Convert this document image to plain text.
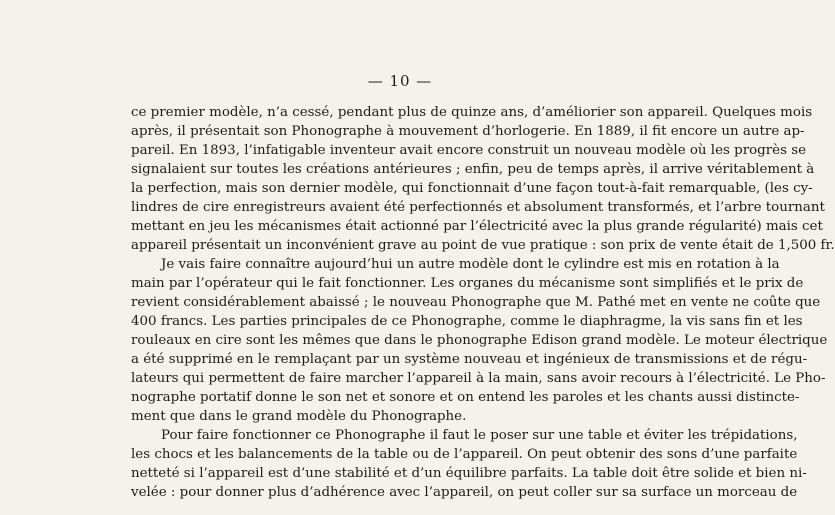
— 10 —
ce premier modèle, n’a cessé, pendant plus de quinze ans, d’améliorier son appareil. Quelques mois
après, il présentait son Phonographe à mouvement d’horlogerie. En 1889, il fit encore un autre ap-
pareil. En 1893, l’infatigable inventeur avait encore construit un nouveau modèle où les progrès se
signalaient sur toutes les créations antérieures ; enfin, peu de temps après, il arrive véritablement à
la perfection, mais son dernier modèle, qui fonctionnait d’une façon tout-à-fait remarquable, (les cy-
lindres de cire enregistreurs avaient été perfectionnés et absolument transformés, et l’arbre tournant
mettant en jeu les mécanismes était actionné par l’électricité avec la plus grande régularité) mais cet
appareil présentait un inconvénient grave au point de vue pratique : son prix de vente était de 1,500 fr.
Je vais faire connaître aujourd’hui un autre modèle dont le cylindre est mis en rotation à la
main par l’opérateur qui le fait fonctionner. Les organes du mécanisme sont simplifiés et le prix de
revient considérablement abaissé ; le nouveau Phonographe que M. Pathé met en vente ne coûte que
400 francs. Les parties principales de ce Phonographe, comme le diaphragme, la vis sans fin et les
rouleaux en cire sont les mêmes que dans le phonographe Edison grand modèle. Le moteur électrique
a été supprimé en le remplaçant par un système nouveau et ingénieux de transmissions et de régu-
lateurs qui permettent de faire marcher l’appareil à la main, sans avoir recours à l’électricité. Le Pho-
nographe portatif donne le son net et sonore et on entend les paroles et les chants aussi distincte-
ment que dans le grand modèle du Phonographe.
Pour faire fonctionner ce Phonographe il faut le poser sur une table et éviter les trépidations,
les chocs et les balancements de la table ou de l’appareil. On peut obtenir des sons d’une parfaite
netteté si l’appareil est d’une stabilité et d’un équilibre parfaits. La table doit être solide et bien ni-
velée : pour donner plus d’adhérence avec l’appareil, on peut coller sur sa surface un morceau de
